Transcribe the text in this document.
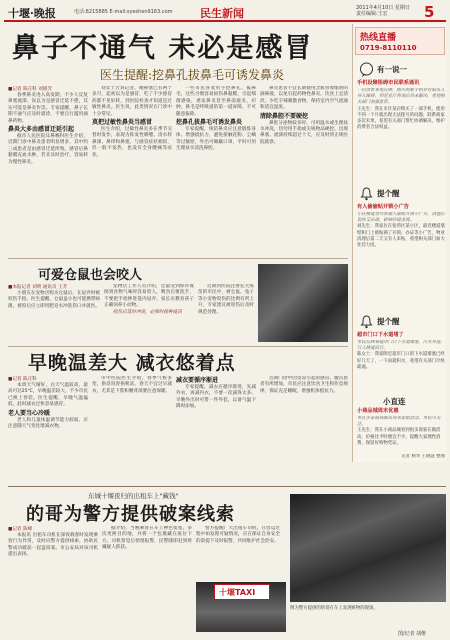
十堰·晚报	电话:8215885 E-mail:syeshen9163.com 民生新闻	2011年4月10日 星期日
责任编辑:王宏	5
鼻子不通气 未必是感冒
医生提醒:挖鼻孔拔鼻毛可诱发鼻炎
■记者 陈庄科 刘银芳

春季鼻炎进入高发期，不少人反复鼻塞流涕，误以为是感冒迁延不愈，其实可能是鼻炎作祟。专家提醒，鼻子长期不通气应及时就诊，不要自行滥用滴鼻药物。

鼻炎大多由感冒迁延引起

据市人民医院耳鼻喉科医生介绍，近期门诊中鼻炎患者明显增多，其中约三成患者是由感冒迁延所致。感冒后鼻黏膜充血水肿，若未及时治疗，容易转为慢性鼻炎。

刘女士告诉记者，她鼻塞已有两个多月，起初以为是感冒，吃了不少感冒药都不见好转，到医院检查才知道是过敏性鼻炎。医生说，此类情况在门诊中十分常见。

莫把过敏性鼻炎当感冒

医生介绍，过敏性鼻炎多在季节交替时发作，表现为阵发性喷嚏、清水样鼻涕、鼻痒和鼻塞，与感冒症状相似，但一般不发热，也没有全身酸痛等症状。

一些市民喜欢用手挖鼻孔、拔鼻毛，这些习惯容易损伤鼻黏膜，引起细菌感染，诱发鼻炎甚至鼻前庭炎、疖肿。鼻毛是呼吸道的第一道屏障，不可随意拔除。

挖鼻孔拔鼻毛可诱发鼻炎

专家提醒，预防鼻炎应注意锻炼身体、增强抵抗力，避免接触花粉、尘螨等过敏原，外出可佩戴口罩，平时可用生理盐水清洗鼻腔。

鼻炎患者不宜长期使用含血管收缩剂的滴鼻液，以免引起药物性鼻炎。饮食上宜清淡，少吃辛辣刺激食物，保持室内空气流通和适宜湿度。

清除鼻腔不要硬挖

鼻腔分泌物较多时，可用温水或生理盐水冲洗，切勿用手指或尖锐物品硬挖。出现鼻塞、流涕持续超过十天，应及时到正规医院就诊。

热线直播
0719-8110110
有一说一
手机设障阻碍市民联系通讯
一位读者来电反映，购买的新手机存在联系人导入障碍，到营业厅咨询后仍未解决，希望相关部门加强监管。
王先生：我在市区某店购买了一部手机，使用不到一个月就出现无法拨号的问题，联系商家多次未果，希望有关部门帮忙协调解决，维护消费者合法权益。
提个醒
有人偷偷贴开锁小广告
小区楼道里经常被人偷贴开锁小广告，清理后很快又出现，影响环境美观。
刘先生：我家住在张湾区某小区，最近楼道墙壁和门上被贴满了开锁、办证等小广告，物业清理后第二天又有人来贴，希望相关部门加大处罚力度。
提个醒
超市门口下水道堵了
市民反映某超市门口下水道堵塞，污水外溢，行人绕道而行。
陈女士：我家附近超市门口的下水道堵塞已经好几天了，一下雨就积水，希望有关部门尽快疏通。
小直连
小商品城周末优惠
市区多家商场推出周末促销活动，市民可关注。
王先生：我在小商品城看到很多商家在做活动，价格比平时便宜不少，提醒大家理性消费，保留好购物凭证。
记者 杨华 王晓慧 整理
可爱仓鼠也会咬人
■本报记者 刘明 通讯员 王芳

小朋友在宠物店购买仓鼠后，在逗弄时被咬伤手指。医生提醒，仓鼠虽小也可能携带病菌，被咬后应立即用肥皂水冲洗伤口并就医。

宠物店工作人员介绍，仓鼠受到惊吓或闻到食物气味时容易咬人，喂食后要洗手，不要把手指伸进笼内逗弄。家长应教育孩子正确饲养小动物。

咬伤后及时冲洗，必要时接种疫苗

近期到医院注射狂犬疫苗的市民中，被仓鼠、兔子等小宠物咬伤的比例有所上升，专家建议被咬伤后及时规范处理。

早晚温差大 减衣悠着点
■记者 陈庄科

本周天气晴好，白天气温较高，最高可达25℃，早晚温差较大，不少市民已换上春装。医生提醒，早晚气温偏低，此时减衣过快容易感冒。

老人要当心冷暖

老人和儿童体温调节能力较弱，应注意随天气变化增减衣物。

市中医院医生介绍，春季气候多变，俗话说春捂秋冻，春天不宜过早减衣，尤其是下肢和腰背部要注意保暖。

减衣要循序渐进

专家提醒，减衣应循序渐进，先减外衣，再减内衣，不要一次减得太多。早晚外出时可带一件外套，以备气温下降时添加。

近期门诊中因受凉引起的感冒、腹泻患者有所增加，市民应注意饮食卫生和作息规律，保证充足睡眠，增强机体抵抗力。

东城十堰夜归的出租车上"藏钱"
的哥为警方提供破案线索
■记者 陈峰

本报讯 出租车司机在深夜载客时发现乘客行为异常，及时向警方提供线索，协助民警成功破获一起盗窃案。市公安局对该司机提出表扬。

据介绍，当晚乘客在车上神色慌张，多次更换目的地，并将一个包裹藏在座位下方。司机察觉后悄悄报警，民警随即赶到将嫌疑人抓获。

警方提醒广大出租车司机，在营运过程中如发现可疑情况，应在保证自身安全的前提下及时报警，共同维护社会治安。

十堰TAXI
图为警方提供的的哥在车上发现赃物的现场。
图/记者 胡维
